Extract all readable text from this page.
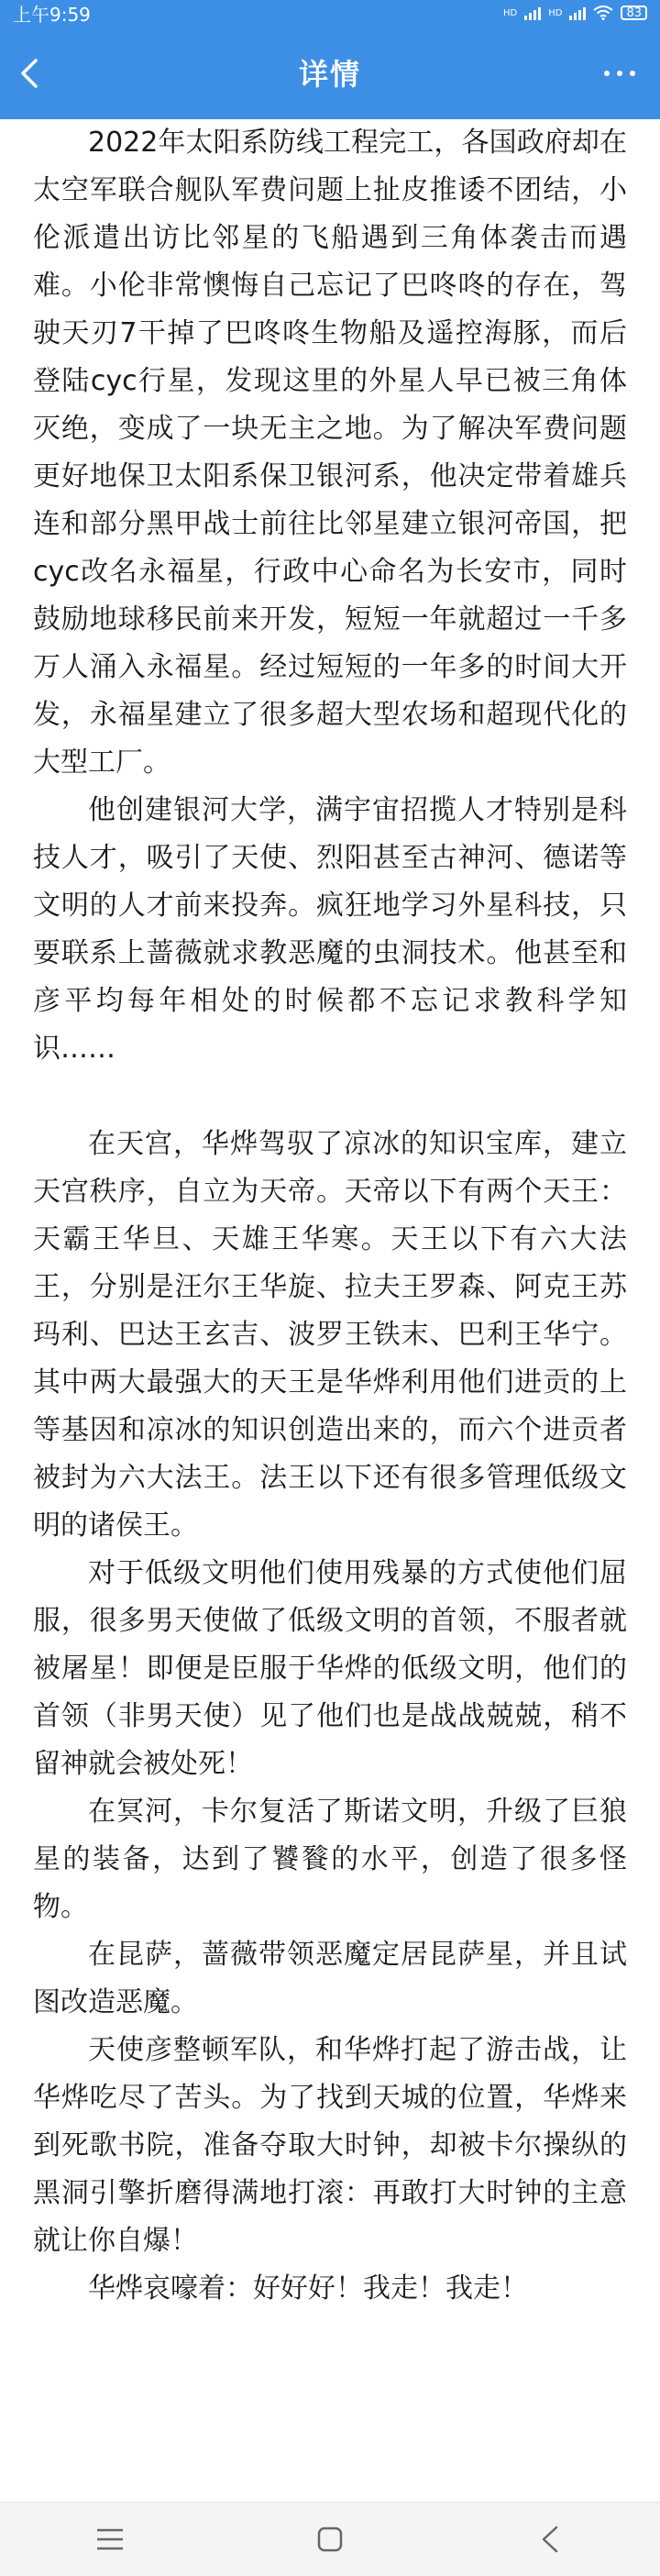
上午9:59	HD	HD	83
详情

2022年太阳系防线工程完工，各国政府却在太空军联合舰队军费问题上扯皮推诿不团结，小伦派遣出访比邻星的飞船遇到三角体袭击而遇难。小伦非常懊悔自己忘记了巴咚咚的存在，驾驶天刃7干掉了巴咚咚生物船及遥控海豚，而后登陆cyc行星，发现这里的外星人早已被三角体灭绝，变成了一块无主之地。为了解决军费问题更好地保卫太阳系保卫银河系，他决定带着雄兵连和部分黑甲战士前往比邻星建立银河帝国，把cyc改名永福星，行政中心命名为长安市，同时鼓励地球移民前来开发，短短一年就超过一千多万人涌入永福星。经过短短的一年多的时间大开发，永福星建立了很多超大型农场和超现代化的大型工厂。

他创建银河大学，满宇宙招揽人才特别是科技人才，吸引了天使、烈阳甚至古神河、德诺等文明的人才前来投奔。疯狂地学习外星科技，只要联系上蔷薇就求教恶魔的虫洞技术。他甚至和彦平均每年相处的时候都不忘记求教科学知识……

在天宫，华烨驾驭了凉冰的知识宝库，建立天宫秩序，自立为天帝。天帝以下有两个天王：天霸王华旦、天雄王华寒。天王以下有六大法王，分别是汪尔王华旋、拉夫王罗森、阿克王苏玛利、巴达王玄吉、波罗王铁末、巴利王华宁。其中两大最强大的天王是华烨利用他们进贡的上等基因和凉冰的知识创造出来的，而六个进贡者被封为六大法王。法王以下还有很多管理低级文明的诸侯王。

对于低级文明他们使用残暴的方式使他们屈服，很多男天使做了低级文明的首领，不服者就被屠星！即便是臣服于华烨的低级文明，他们的首领（非男天使）见了他们也是战战兢兢，稍不留神就会被处死！

在冥河，卡尔复活了斯诺文明，升级了巨狼星的装备，达到了饕餮的水平，创造了很多怪物。

在昆萨，蔷薇带领恶魔定居昆萨星，并且试图改造恶魔。

天使彦整顿军队，和华烨打起了游击战，让华烨吃尽了苦头。为了找到天城的位置，华烨来到死歌书院，准备夺取大时钟，却被卡尔操纵的黑洞引擎折磨得满地打滚：再敢打大时钟的主意就让你自爆！

华烨哀嚎着：好好好！我走！我走！
